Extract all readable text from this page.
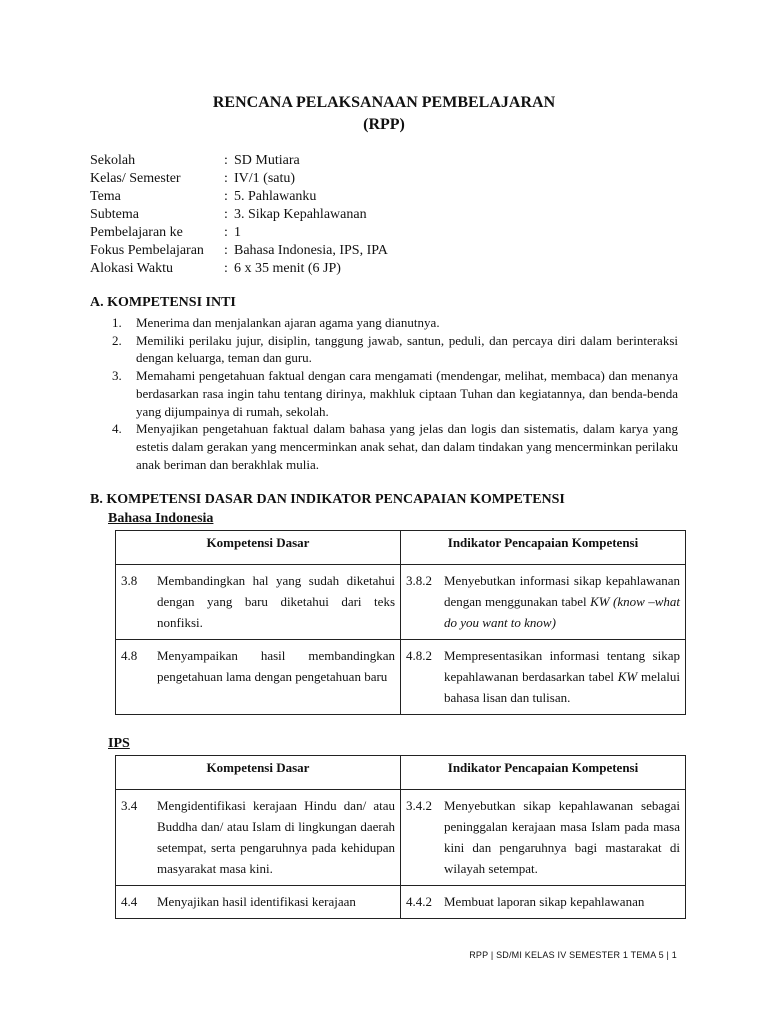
RENCANA PELAKSANAAN PEMBELAJARAN
(RPP)
Sekolah	: SD Mutiara
Kelas/ Semester	:IV/1 (satu)
Tema	:5. Pahlawanku
Subtema	:3. Sikap Kepahlawanan
Pembelajaran ke	:1
Fokus Pembelajaran :Bahasa Indonesia, IPS, IPA
Alokasi Waktu	:6 x 35 menit (6 JP)
A. KOMPETENSI INTI
1.	Menerima dan menjalankan ajaran agama yang dianutnya.
2.	Memiliki perilaku jujur, disiplin, tanggung jawab, santun, peduli, dan percaya diri dalam berinteraksi dengan keluarga, teman dan guru.
3.	Memahami pengetahuan faktual dengan cara mengamati (mendengar, melihat, membaca) dan menanya berdasarkan rasa ingin tahu tentang dirinya, makhluk ciptaan Tuhan dan kegiatannya, dan benda-benda yang dijumpainya di rumah, sekolah.
4.	Menyajikan pengetahuan faktual dalam bahasa yang jelas dan logis dan sistematis, dalam karya yang estetis dalam gerakan yang mencerminkan anak sehat, dan dalam tindakan yang mencerminkan perilaku anak beriman dan berakhlak mulia.
B. KOMPETENSI DASAR DAN INDIKATOR PENCAPAIAN KOMPETENSI
Bahasa Indonesia
Kompetensi Dasar	Indikator Pencapaian Kompetensi

3.8 Membandingkan hal yang sudah diketahui dengan yang baru diketahui dari teks nonfiksi.	3.8.2 Menyebutkan informasi sikap kepahlawanan dengan menggunakan tabel KW (know –what do you want to know)

4.8 Menyampaikan hasil membandingkan pengetahuan lama dengan pengetahuan baru	4.8.2 Mempresentasikan informasi tentang sikap kepahlawanan berdasarkan tabel KW melalui bahasa lisan dan tulisan.
IPS
Kompetensi Dasar	Indikator Pencapaian Kompetensi

3.4 Mengidentifikasi kerajaan Hindu dan/ atau Buddha dan/ atau Islam di lingkungan daerah setempat, serta pengaruhnya pada kehidupan masyarakat masa kini.	3.4.2 Menyebutkan sikap kepahlawanan sebagai peninggalan kerajaan masa Islam pada masa kini dan pengaruhnya bagi mastarakat di wilayah setempat.

4.4 Menyajikan hasil identifikasi kerajaan	4.4.2 Membuat laporan sikap kepahlawanan
RPP | SD/MI KELAS IV SEMESTER 1 TEMA 5 | 1
